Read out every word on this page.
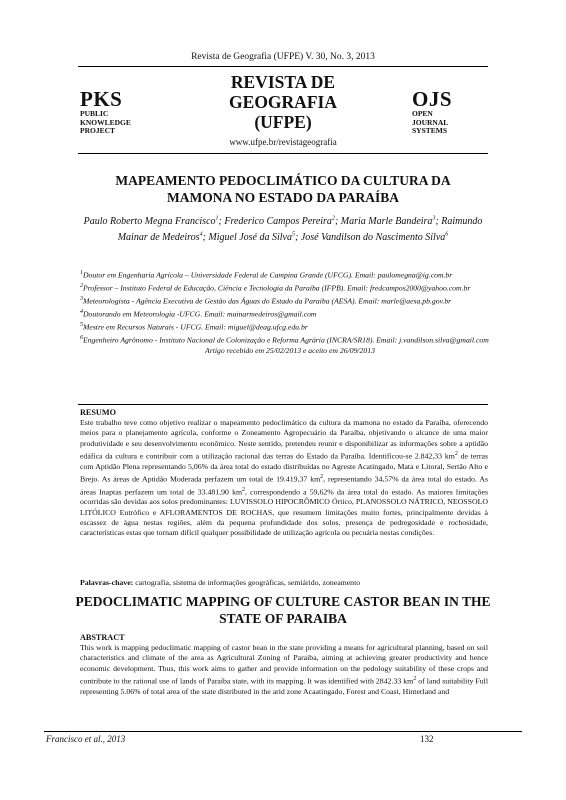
Revista de Geografia (UFPE) V. 30, No. 3, 2013
PKS
PUBLIC
KNOWLEDGE
PROJECT
REVISTA DE
GEOGRAFIA
(UFPE)
www.ufpe.br/revistageografia
OJS
OPEN
JOURNAL
SYSTEMS
MAPEAMENTO PEDOCLIMÁTICO DA CULTURA DA
MAMONA NO ESTADO DA PARAÍBA
Paulo Roberto Megna Francisco$^1$; Frederico Campos Pereira$^2$; Maria Marle Bandeira$^3$; Raimundo Mainar de Medeiros$^4$; Miguel José da Silva$^5$; José Vandilson do Nascimento Silva$^6$
$^1$Doutor em Engenharia Agrícola – Universidade Federal de Campina Grande (UFCG). Email: paulomegna@ig.com.br
$^2$Professor – Instituto Federal de Educação, Ciência e Tecnologia da Paraíba (IFPB). Email: fredcampos2000@yahoo.com.br
$^3$Meteorologista - Agência Executiva de Gestão das Águas do Estado da Paraíba (AESA). Email: marle@aesa.pb.gov.br
$^4$Doutorando em Meteorologia -UFCG. Email: mainarmedeiros@gmail.com
$^5$Mestre em Recursos Naturais - UFCG. Email: miguel@deag.ufcg.edu.br
$^6$Engenheiro Agrônomo - Instituto Nacional de Colonização e Reforma Agrária (INCRA/SR18). Email: j.vandilson.silva@gmail.com
Artigo recebido em 25/02/2013 e aceito em 26/09/2013
RESUMO
Este trabalho teve como objetivo realizar o mapeamento pedoclimático da cultura da mamona no estado da Paraíba, oferecendo meios para o planejamento agrícola, conforme o Zoneamento Agropecuário da Paraíba, objetivando o alcance de uma maior produtividade e seu desenvolvimento econômico. Neste sentido, pretendeu reunir e disponibilizar as informações sobre a aptidão edáfica da cultura e contribuir com a utilização racional das terras do Estado da Paraíba. Identificou-se 2.842,33 $km^2$ de terras com Aptidão Plena representando 5,06% da área total do estado distribuídas no Agreste Acatingado, Mata e Litoral, Sertão Alto e Brejo. As áreas de Aptidão Moderada perfazem um total de 19.419,37 $km^2$, representando 34,57% da área total do estado. As áreas Inaptas perfazem um total de 33.481,90 $km^2$, correspondendo a 59,62% da área total do estado. As maiores limitações ocorridas são devidas aos solos predominantes: LUVISSOLO HIPOCRÔMICO Órtico, PLANOSSOLO NÁTRICO, NEOSSOLO LITÓLICO Eutrófico e AFLORAMENTOS DE ROCHAS, que resumem limitações muito fortes, principalmente devidas à escassez de água nestas regiões, além da pequena profundidade dos solos, presença de pedregosidade e rochosidade, características estas que tornam difícil qualquer possibilidade de utilização agrícola ou pecuária nestas condições.
Palavras-chave: cartografia, sistema de informações geográficas, semiárido, zoneamento
PEDOCLIMATIC MAPPING OF CULTURE CASTOR BEAN IN THE
STATE OF PARAIBA
ABSTRACT
This work is mapping pedoclimatic mapping of castor bean in the state providing a means for agricultural planning, based on soil characteristics and climate of the area as Agricultural Zoning of Paraiba, aiming at achieving greater productivity and hence economic development. Thus, this work aims to gather and provide information on the pedology suitability of these crops and contribute to the rational use of lands of Paraíba state, with its mapping. It was identified with 2842.33 $km^2$ of land suitability Full representing 5.06% of total area of the state distributed in the arid zone Acaatingado, Forest and Coast, Hinterland and
Francisco et al., 2013	132
